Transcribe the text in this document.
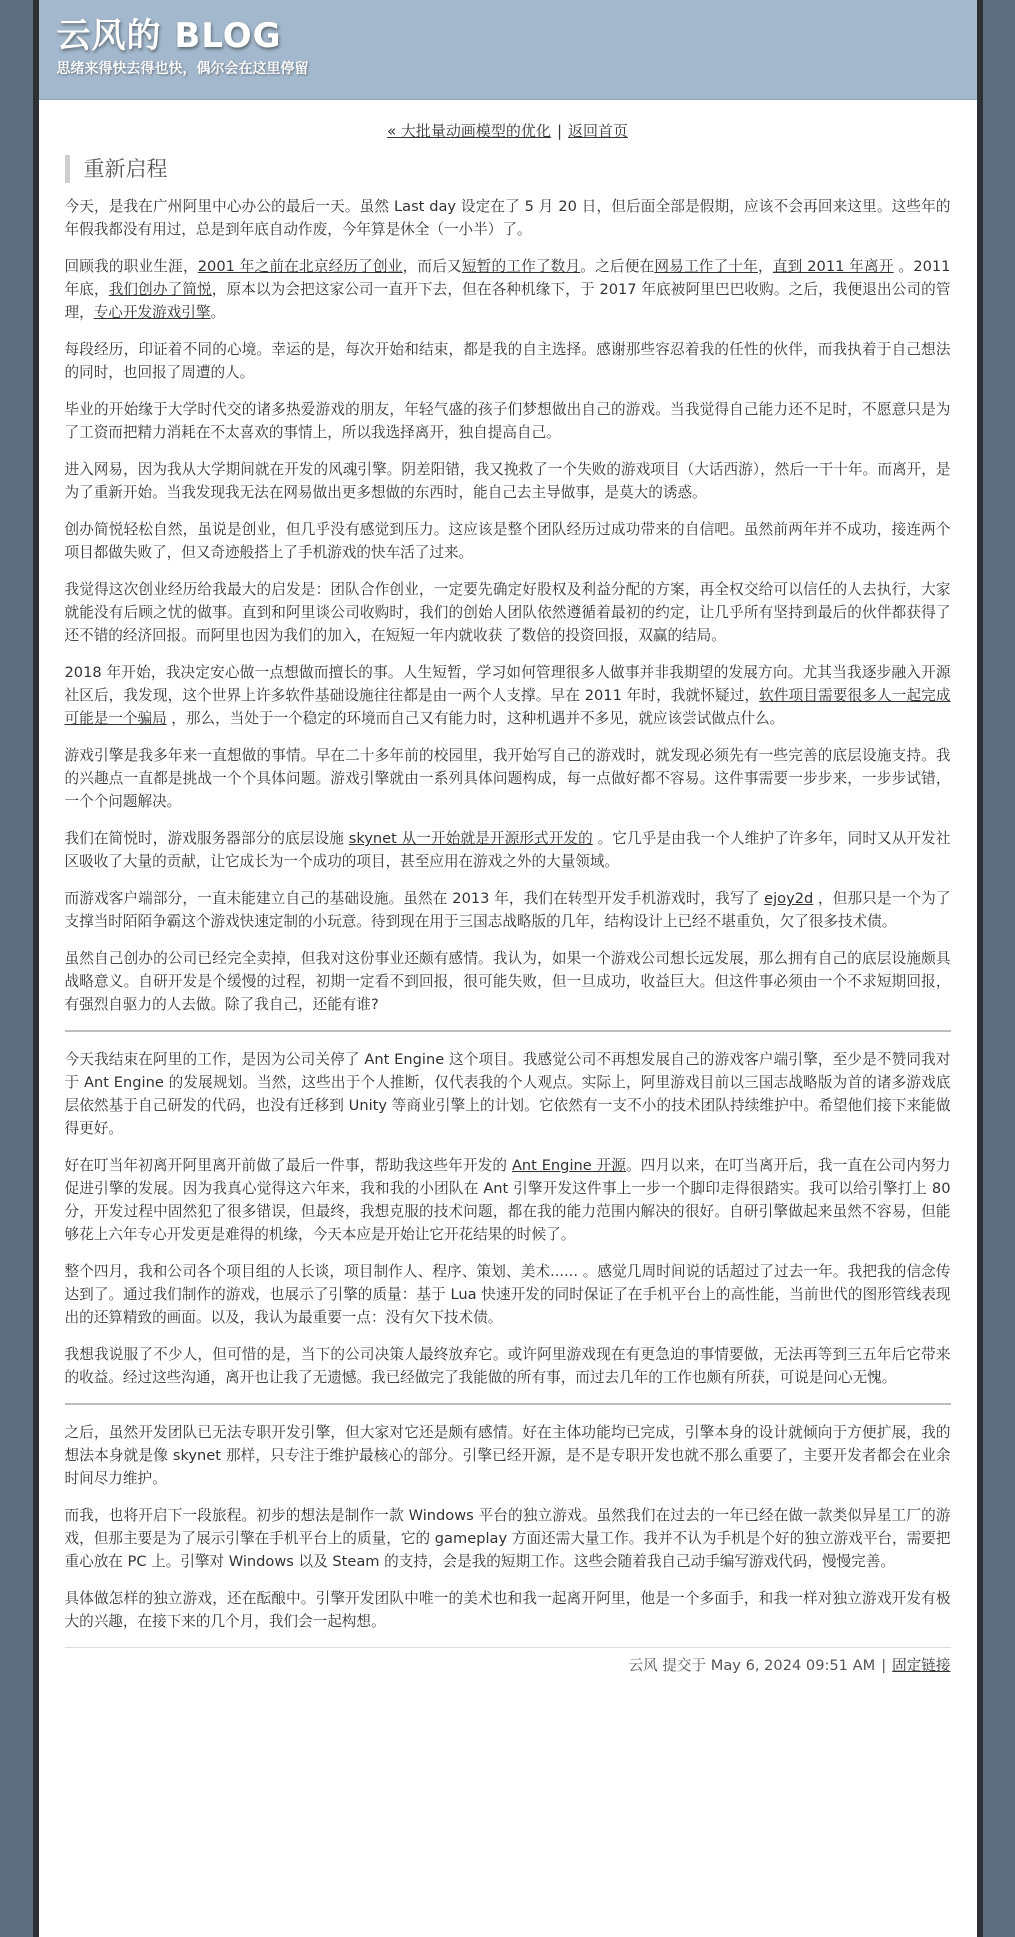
云风的 BLOG
思绪来得快去得也快，偶尔会在这里停留
« 大批量动画模型的优化 | 返回首页
重新启程

今天，是我在广州阿里中心办公的最后一天。虽然 Last day 设定在了 5 月 20 日，但后面全部是假期，应该不会再回来这里。这些年的年假我都没有用过，总是到年底自动作废，今年算是休全（一小半）了。

回顾我的职业生涯，2001 年之前在北京经历了创业，而后又短暂的工作了数月。之后便在网易工作了十年，直到 2011 年离开 。2011 年底，我们创办了简悦，原本以为会把这家公司一直开下去，但在各种机缘下，于 2017 年底被阿里巴巴收购。之后，我便退出公司的管理，专心开发游戏引擎。

每段经历，印证着不同的心境。幸运的是，每次开始和结束，都是我的自主选择。感谢那些容忍着我的任性的伙伴，而我执着于自己想法的同时，也回报了周遭的人。

毕业的开始缘于大学时代交的诸多热爱游戏的朋友，年轻气盛的孩子们梦想做出自己的游戏。当我觉得自己能力还不足时，不愿意只是为了工资而把精力消耗在不太喜欢的事情上，所以我选择离开，独自提高自己。

进入网易，因为我从大学期间就在开发的风魂引擎。阴差阳错，我又挽救了一个失败的游戏项目（大话西游），然后一干十年。而离开，是为了重新开始。当我发现我无法在网易做出更多想做的东西时，能自己去主导做事，是莫大的诱惑。

创办简悦轻松自然，虽说是创业，但几乎没有感觉到压力。这应该是整个团队经历过成功带来的自信吧。虽然前两年并不成功，接连两个项目都做失败了，但又奇迹般搭上了手机游戏的快车活了过来。

我觉得这次创业经历给我最大的启发是：团队合作创业，一定要先确定好股权及利益分配的方案，再全权交给可以信任的人去执行，大家就能没有后顾之忧的做事。直到和阿里谈公司收购时，我们的创始人团队依然遵循着最初的约定，让几乎所有坚持到最后的伙伴都获得了还不错的经济回报。而阿里也因为我们的加入，在短短一年内就收获 了数倍的投资回报，双赢的结局。

2018 年开始，我决定安心做一点想做而擅长的事。人生短暂，学习如何管理很多人做事并非我期望的发展方向。尤其当我逐步融入开源社区后，我发现，这个世界上许多软件基础设施往往都是由一两个人支撑。早在 2011 年时，我就怀疑过，软件项目需要很多人一起完成可能是一个骗局 ，那么，当处于一个稳定的环境而自己又有能力时，这种机遇并不多见，就应该尝试做点什么。

游戏引擎是我多年来一直想做的事情。早在二十多年前的校园里，我开始写自己的游戏时，就发现必须先有一些完善的底层设施支持。我的兴趣点一直都是挑战一个个具体问题。游戏引擎就由一系列具体问题构成，每一点做好都不容易。这件事需要一步步来，一步步试错，一个个问题解决。

我们在简悦时，游戏服务器部分的底层设施 skynet 从一开始就是开源形式开发的 。它几乎是由我一个人维护了许多年，同时又从开发社区吸收了大量的贡献，让它成长为一个成功的项目，甚至应用在游戏之外的大量领域。

而游戏客户端部分，一直未能建立自己的基础设施。虽然在 2013 年，我们在转型开发手机游戏时，我写了 ejoy2d ，但那只是一个为了支撑当时陌陌争霸这个游戏快速定制的小玩意。待到现在用于三国志战略版的几年，结构设计上已经不堪重负，欠了很多技术债。

虽然自己创办的公司已经完全卖掉，但我对这份事业还颇有感情。我认为，如果一个游戏公司想长远发展，那么拥有自己的底层设施颇具战略意义。自研开发是个缓慢的过程，初期一定看不到回报，很可能失败，但一旦成功，收益巨大。但这件事必须由一个不求短期回报，有强烈自驱力的人去做。除了我自己，还能有谁?

今天我结束在阿里的工作，是因为公司关停了 Ant Engine 这个项目。我感觉公司不再想发展自己的游戏客户端引擎，至少是不赞同我对于 Ant Engine 的发展规划。当然，这些出于个人推断，仅代表我的个人观点。实际上，阿里游戏目前以三国志战略版为首的诸多游戏底层依然基于自己研发的代码，也没有迁移到 Unity 等商业引擎上的计划。它依然有一支不小的技术团队持续维护中。希望他们接下来能做得更好。

好在叮当年初离开阿里离开前做了最后一件事，帮助我这些年开发的 Ant Engine 开源。四月以来，在叮当离开后，我一直在公司内努力促进引擎的发展。因为我真心觉得这六年来，我和我的小团队在 Ant 引擎开发这件事上一步一个脚印走得很踏实。我可以给引擎打上 80 分，开发过程中固然犯了很多错误，但最终，我想克服的技术问题，都在我的能力范围内解决的很好。自研引擎做起来虽然不容易，但能够花上六年专心开发更是难得的机缘，今天本应是开始让它开花结果的时候了。

整个四月，我和公司各个项目组的人长谈，项目制作人、程序、策划、美术...... 。感觉几周时间说的话超过了过去一年。我把我的信念传达到了。通过我们制作的游戏，也展示了引擎的质量：基于 Lua 快速开发的同时保证了在手机平台上的高性能，当前世代的图形管线表现出的还算精致的画面。以及，我认为最重要一点：没有欠下技术债。

我想我说服了不少人，但可惜的是，当下的公司决策人最终放弃它。或许阿里游戏现在有更急迫的事情要做，无法再等到三五年后它带来的收益。经过这些沟通，离开也让我了无遗憾。我已经做完了我能做的所有事，而过去几年的工作也颇有所获，可说是问心无愧。

之后，虽然开发团队已无法专职开发引擎，但大家对它还是颇有感情。好在主体功能均已完成，引擎本身的设计就倾向于方便扩展，我的想法本身就是像 skynet 那样，只专注于维护最核心的部分。引擎已经开源，是不是专职开发也就不那么重要了，主要开发者都会在业余时间尽力维护。

而我，也将开启下一段旅程。初步的想法是制作一款 Windows 平台的独立游戏。虽然我们在过去的一年已经在做一款类似异星工厂的游戏，但那主要是为了展示引擎在手机平台上的质量，它的 gameplay 方面还需大量工作。我并不认为手机是个好的独立游戏平台，需要把重心放在 PC 上。引擎对 Windows 以及 Steam 的支持，会是我的短期工作。这些会随着我自己动手编写游戏代码，慢慢完善。

具体做怎样的独立游戏，还在酝酿中。引擎开发团队中唯一的美术也和我一起离开阿里，他是一个多面手，和我一样对独立游戏开发有极大的兴趣，在接下来的几个月，我们会一起构想。

云风 提交于 May 6, 2024 09:51 AM | 固定链接
